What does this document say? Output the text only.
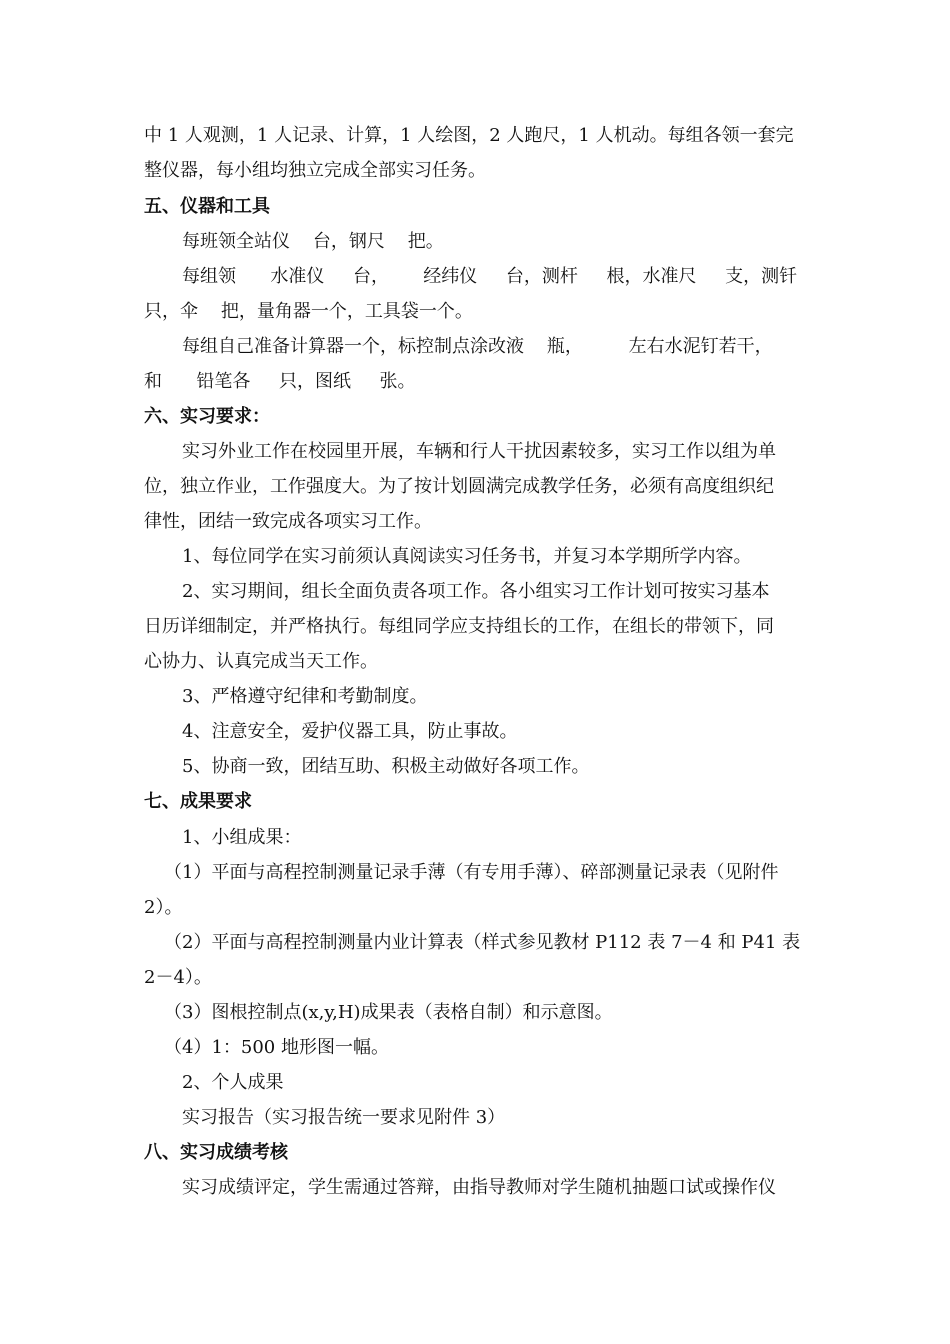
中 1 人观测，1 人记录、计算，1 人绘图，2 人跑尺，1 人机动。每组各领一套完
整仪器，每小组均独立完成全部实习任务。
五、仪器和工具
每班领全站仪    台，钢尺    把。
每组领      水准仪     台，      经纬仪     台，测杆     根，水准尺     支，测钎
只，伞    把，量角器一个，工具袋一个。
每组自己准备计算器一个，标控制点涂改液    瓶，        左右水泥钉若干，
和      铅笔各     只，图纸     张。
六、实习要求：
实习外业工作在校园里开展，车辆和行人干扰因素较多，实习工作以组为单
位，独立作业，工作强度大。为了按计划圆满完成教学任务，必须有高度组织纪
律性，团结一致完成各项实习工作。
1、每位同学在实习前须认真阅读实习任务书，并复习本学期所学内容。
2、实习期间，组长全面负责各项工作。各小组实习工作计划可按实习基本
日历详细制定，并严格执行。每组同学应支持组长的工作，在组长的带领下，同
心协力、认真完成当天工作。
3、严格遵守纪律和考勤制度。
4、注意安全，爱护仪器工具，防止事故。
5、协商一致，团结互助、积极主动做好各项工作。
七、成果要求
1、小组成果：
（1）平面与高程控制测量记录手薄（有专用手薄）、碎部测量记录表（见附件
2）。
（2）平面与高程控制测量内业计算表（样式参见教材 P112 表 7－4 和 P41 表
2－4）。
（3）图根控制点(x,y,H)成果表（表格自制）和示意图。
（4）1：500 地形图一幅。
2、个人成果
实习报告（实习报告统一要求见附件 3）
八、实习成绩考核
实习成绩评定，学生需通过答辩，由指导教师对学生随机抽题口试或操作仪
